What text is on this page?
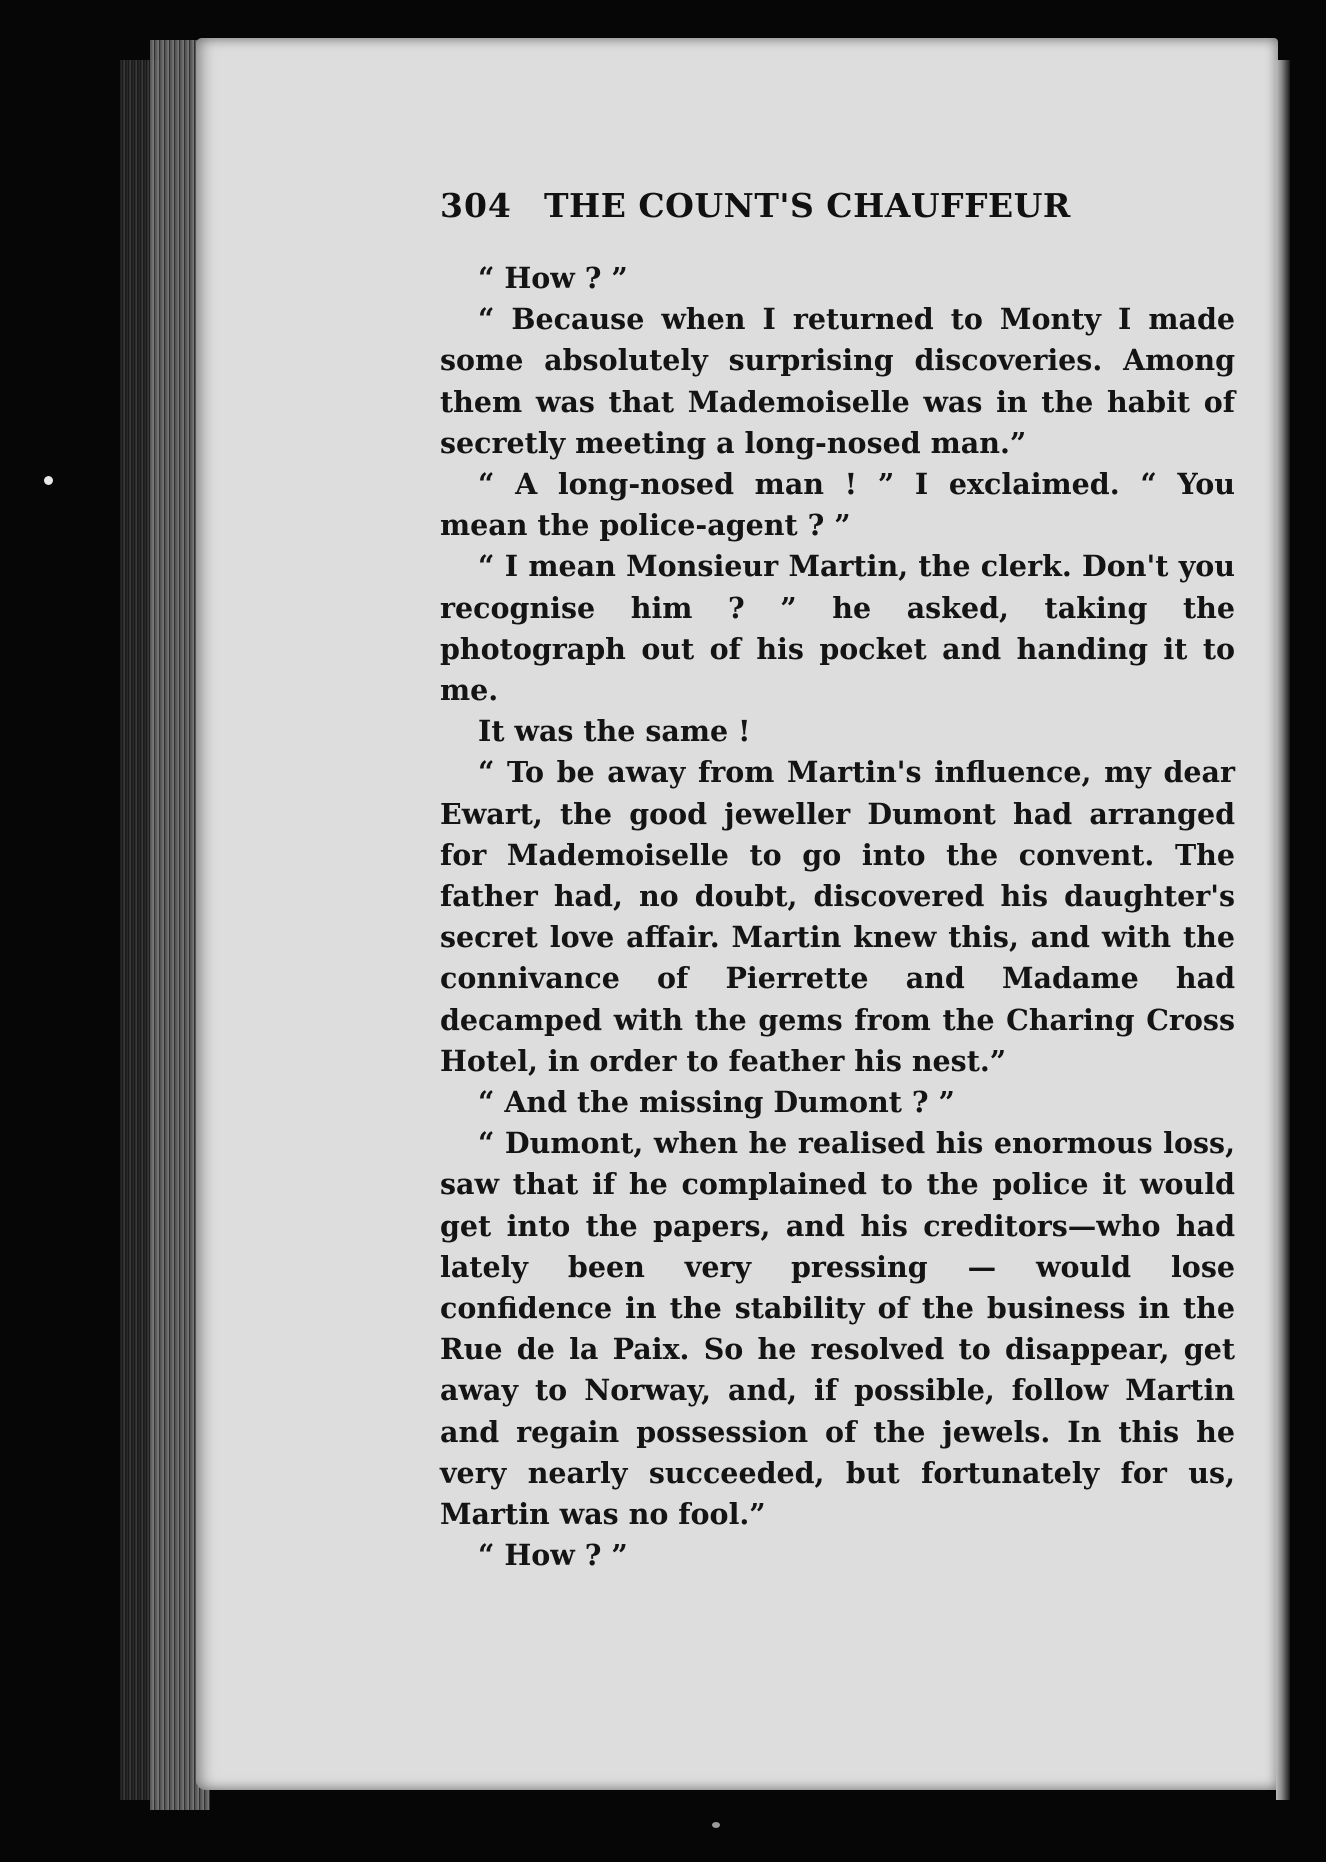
304 THE COUNT'S CHAUFFEUR

“ How ? ”

“ Because when I returned to Monty I made some absolutely surprising discoveries. Among them was that Mademoiselle was in the habit of secretly meeting a long-nosed man.”

“ A long-nosed man ! ” I exclaimed. “ You mean the police-agent ? ”

“ I mean Monsieur Martin, the clerk. Don't you recognise him ? ” he asked, taking the photograph out of his pocket and handing it to me.

It was the same !

“ To be away from Martin's influence, my dear Ewart, the good jeweller Dumont had arranged for Mademoiselle to go into the convent. The father had, no doubt, discovered his daughter's secret love affair. Martin knew this, and with the connivance of Pierrette and Madame had decamped with the gems from the Charing Cross Hotel, in order to feather his nest.”

“ And the missing Dumont ? ”

“ Dumont, when he realised his enormous loss, saw that if he complained to the police it would get into the papers, and his creditors—who had lately been very pressing — would lose confidence in the stability of the business in the Rue de la Paix. So he resolved to disappear, get away to Norway, and, if possible, follow Martin and regain possession of the jewels. In this he very nearly succeeded, but fortunately for us, Martin was no fool.”

“ How ? ”
